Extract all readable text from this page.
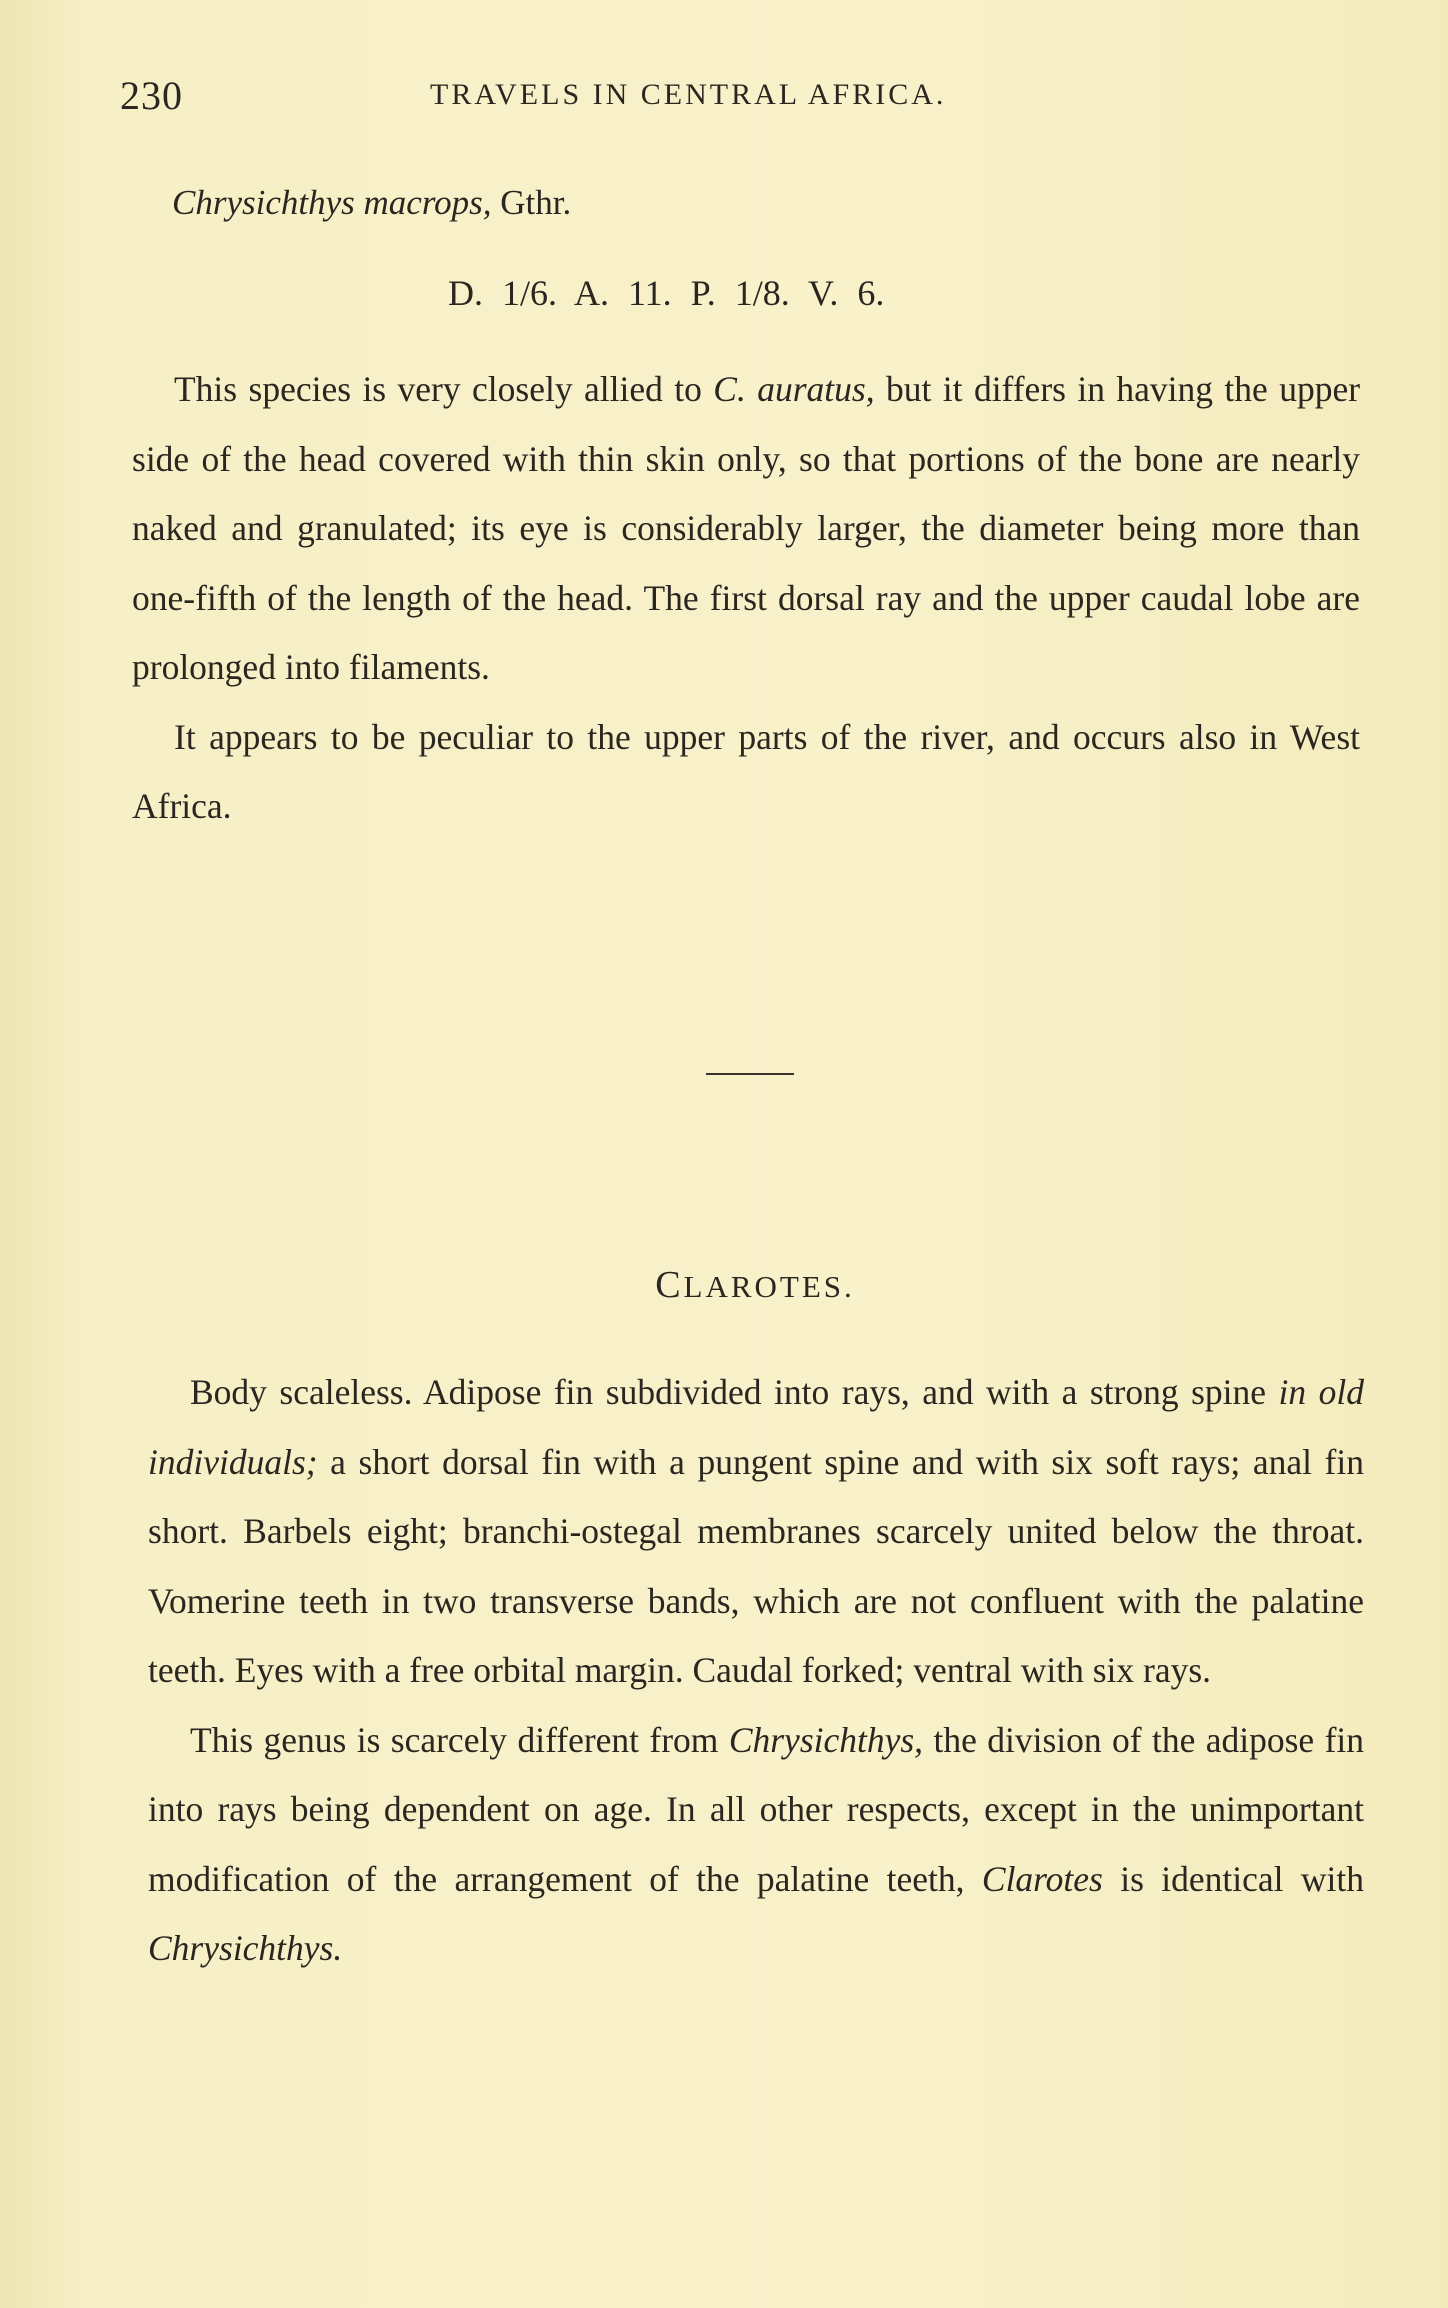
230	TRAVELS IN CENTRAL AFRICA.
Chrysichthys macrops, Gthr.
D. 1/6. A. 11. P. 1/8. V. 6.

This species is very closely allied to C. auratus, but it differs in having the upper side of the head covered with thin skin only, so that portions of the bone are nearly naked and granulated; its eye is considerably larger, the diameter being more than one-fifth of the length of the head. The first dorsal ray and the upper caudal lobe are prolonged into filaments.

It appears to be peculiar to the upper parts of the river, and occurs also in West Africa.

CLAROTES.

Body scaleless. Adipose fin subdivided into rays, and with a strong spine in old individuals; a short dorsal fin with a pungent spine and with six soft rays; anal fin short. Barbels eight; branchi-ostegal membranes scarcely united below the throat. Vomerine teeth in two transverse bands, which are not confluent with the palatine teeth. Eyes with a free orbital margin. Caudal forked; ventral with six rays.

This genus is scarcely different from Chrysichthys, the division of the adipose fin into rays being dependent on age. In all other respects, except in the unimportant modification of the arrangement of the palatine teeth, Clarotes is identical with Chrysichthys.
